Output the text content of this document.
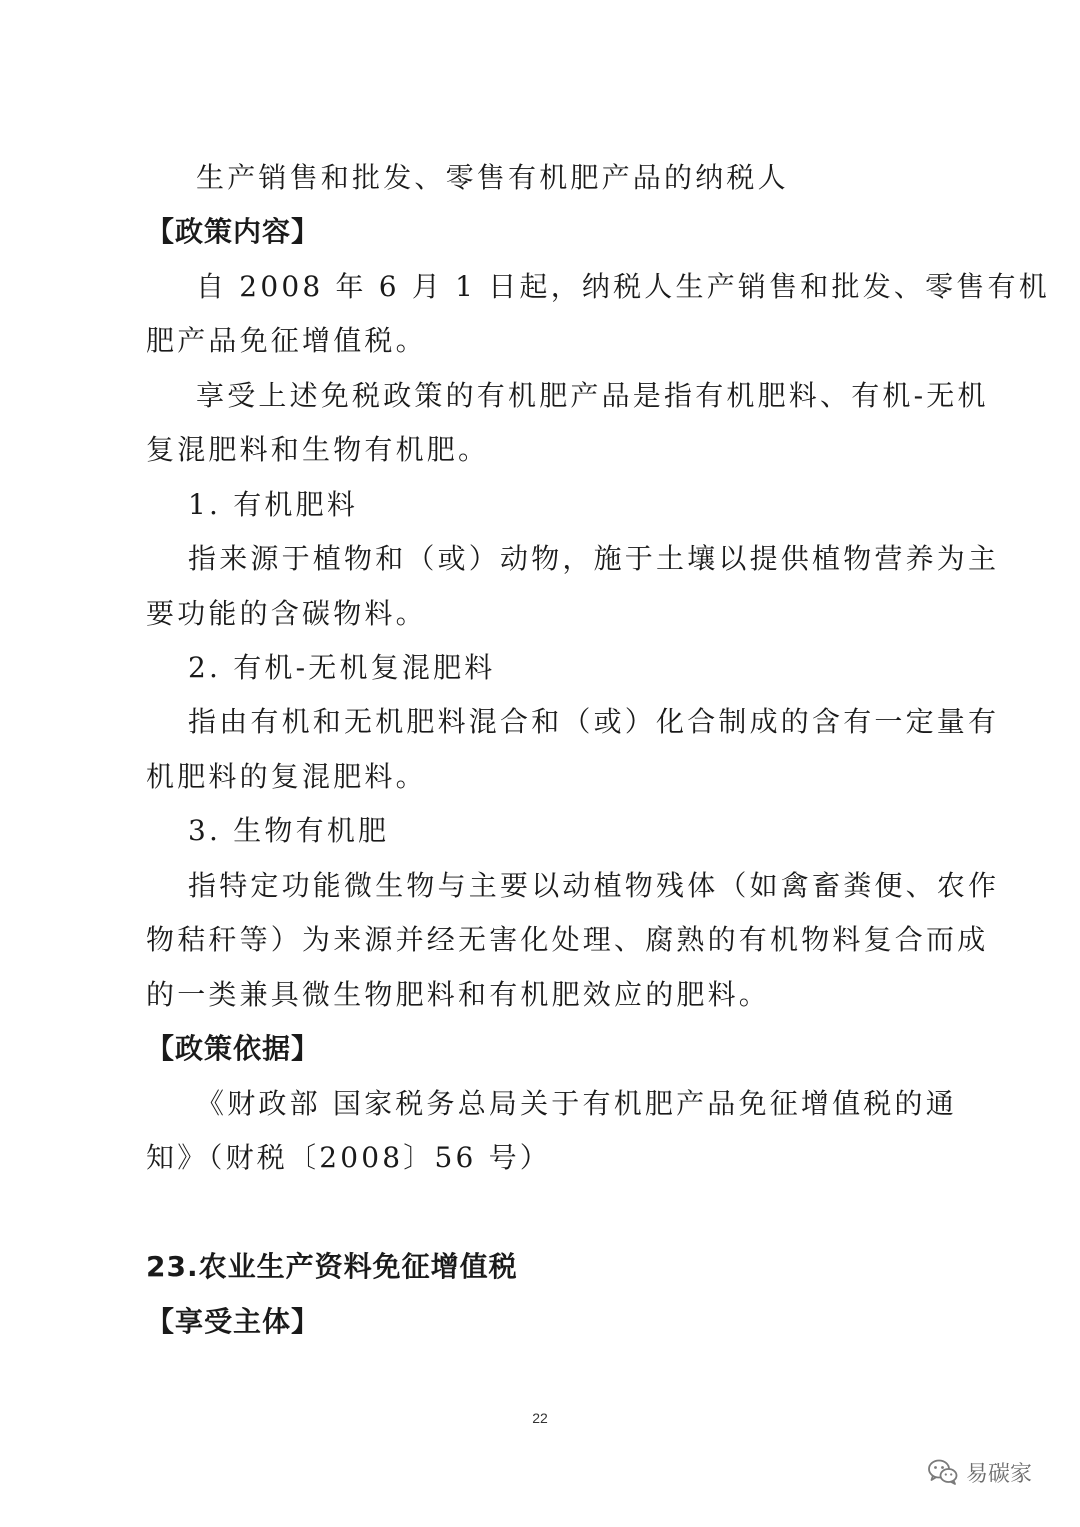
生产销售和批发、零售有机肥产品的纳税人
【政策内容】
自 2008 年 6 月 1 日起，纳税人生产销售和批发、零售有机
肥产品免征增值税。
享受上述免税政策的有机肥产品是指有机肥料、有机-无机
复混肥料和生物有机肥。
1. 有机肥料
指来源于植物和（或）动物，施于土壤以提供植物营养为主
要功能的含碳物料。
2. 有机-无机复混肥料
指由有机和无机肥料混合和（或）化合制成的含有一定量有
机肥料的复混肥料。
3. 生物有机肥
指特定功能微生物与主要以动植物残体（如禽畜粪便、农作
物秸秆等）为来源并经无害化处理、腐熟的有机物料复合而成
的一类兼具微生物肥料和有机肥效应的肥料。
【政策依据】
《财政部 国家税务总局关于有机肥产品免征增值税的通
知》（财税〔2008〕56 号）
23.农业生产资料免征增值税
【享受主体】
22
易碳家
